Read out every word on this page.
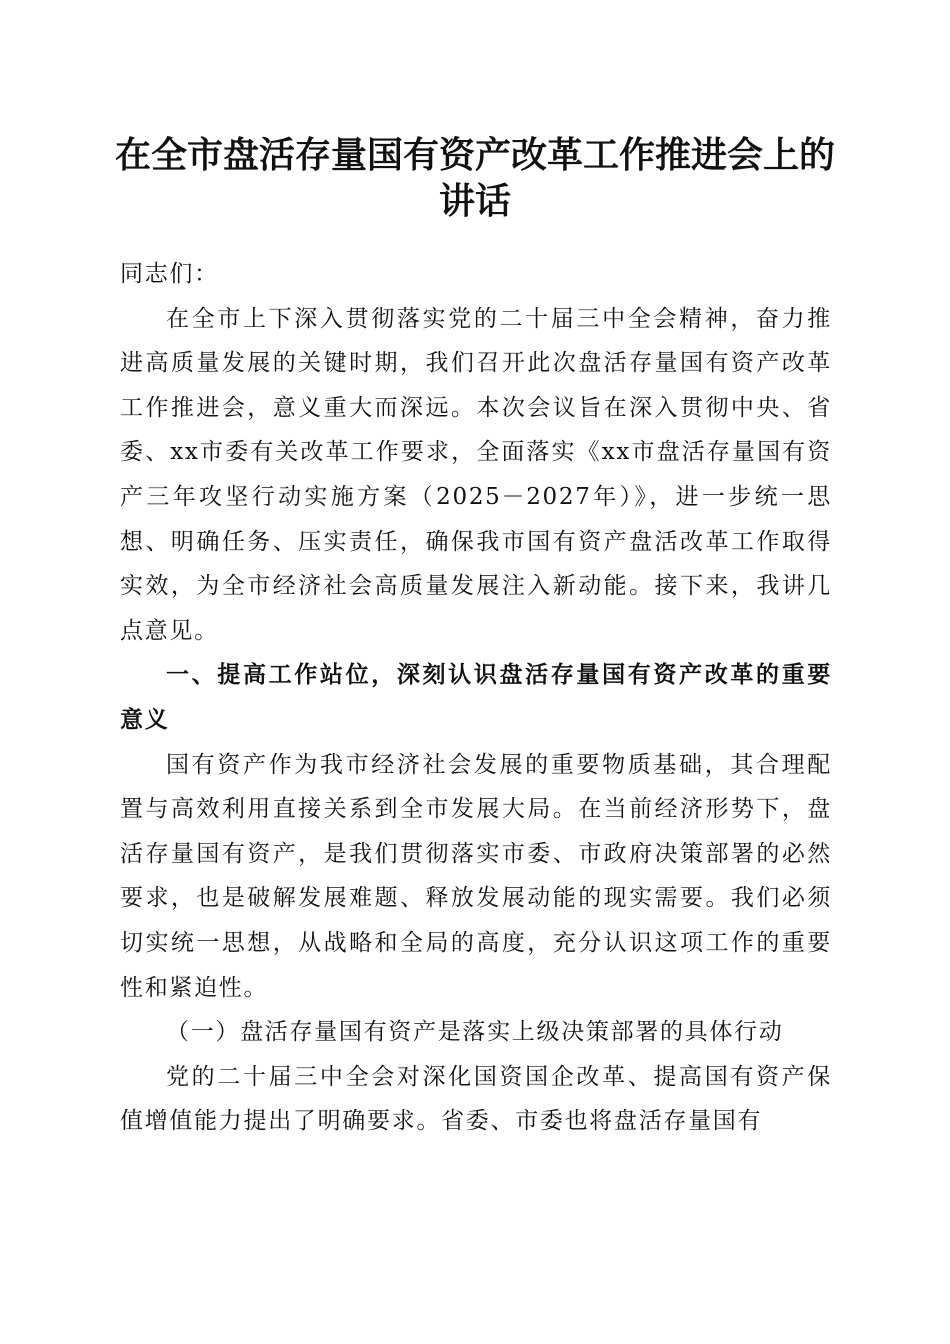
在全市盘活存量国有资产改革工作推进会上的讲话

同志们：

在全市上下深入贯彻落实党的二十届三中全会精神，奋力推进高质量发展的关键时期，我们召开此次盘活存量国有资产改革工作推进会，意义重大而深远。本次会议旨在深入贯彻中央、省委、xx市委有关改革工作要求，全面落实《xx市盘活存量国有资产三年攻坚行动实施方案（2025－2027年）》，进一步统一思想、明确任务、压实责任，确保我市国有资产盘活改革工作取得实效，为全市经济社会高质量发展注入新动能。接下来，我讲几点意见。

一、提高工作站位，深刻认识盘活存量国有资产改革的重要意义

国有资产作为我市经济社会发展的重要物质基础，其合理配置与高效利用直接关系到全市发展大局。在当前经济形势下，盘活存量国有资产，是我们贯彻落实市委、市政府决策部署的必然要求，也是破解发展难题、释放发展动能的现实需要。我们必须切实统一思想，从战略和全局的高度，充分认识这项工作的重要性和紧迫性。

（一）盘活存量国有资产是落实上级决策部署的具体行动

党的二十届三中全会对深化国资国企改革、提高国有资产保值增值能力提出了明确要求。省委、市委也将盘活存量国有
